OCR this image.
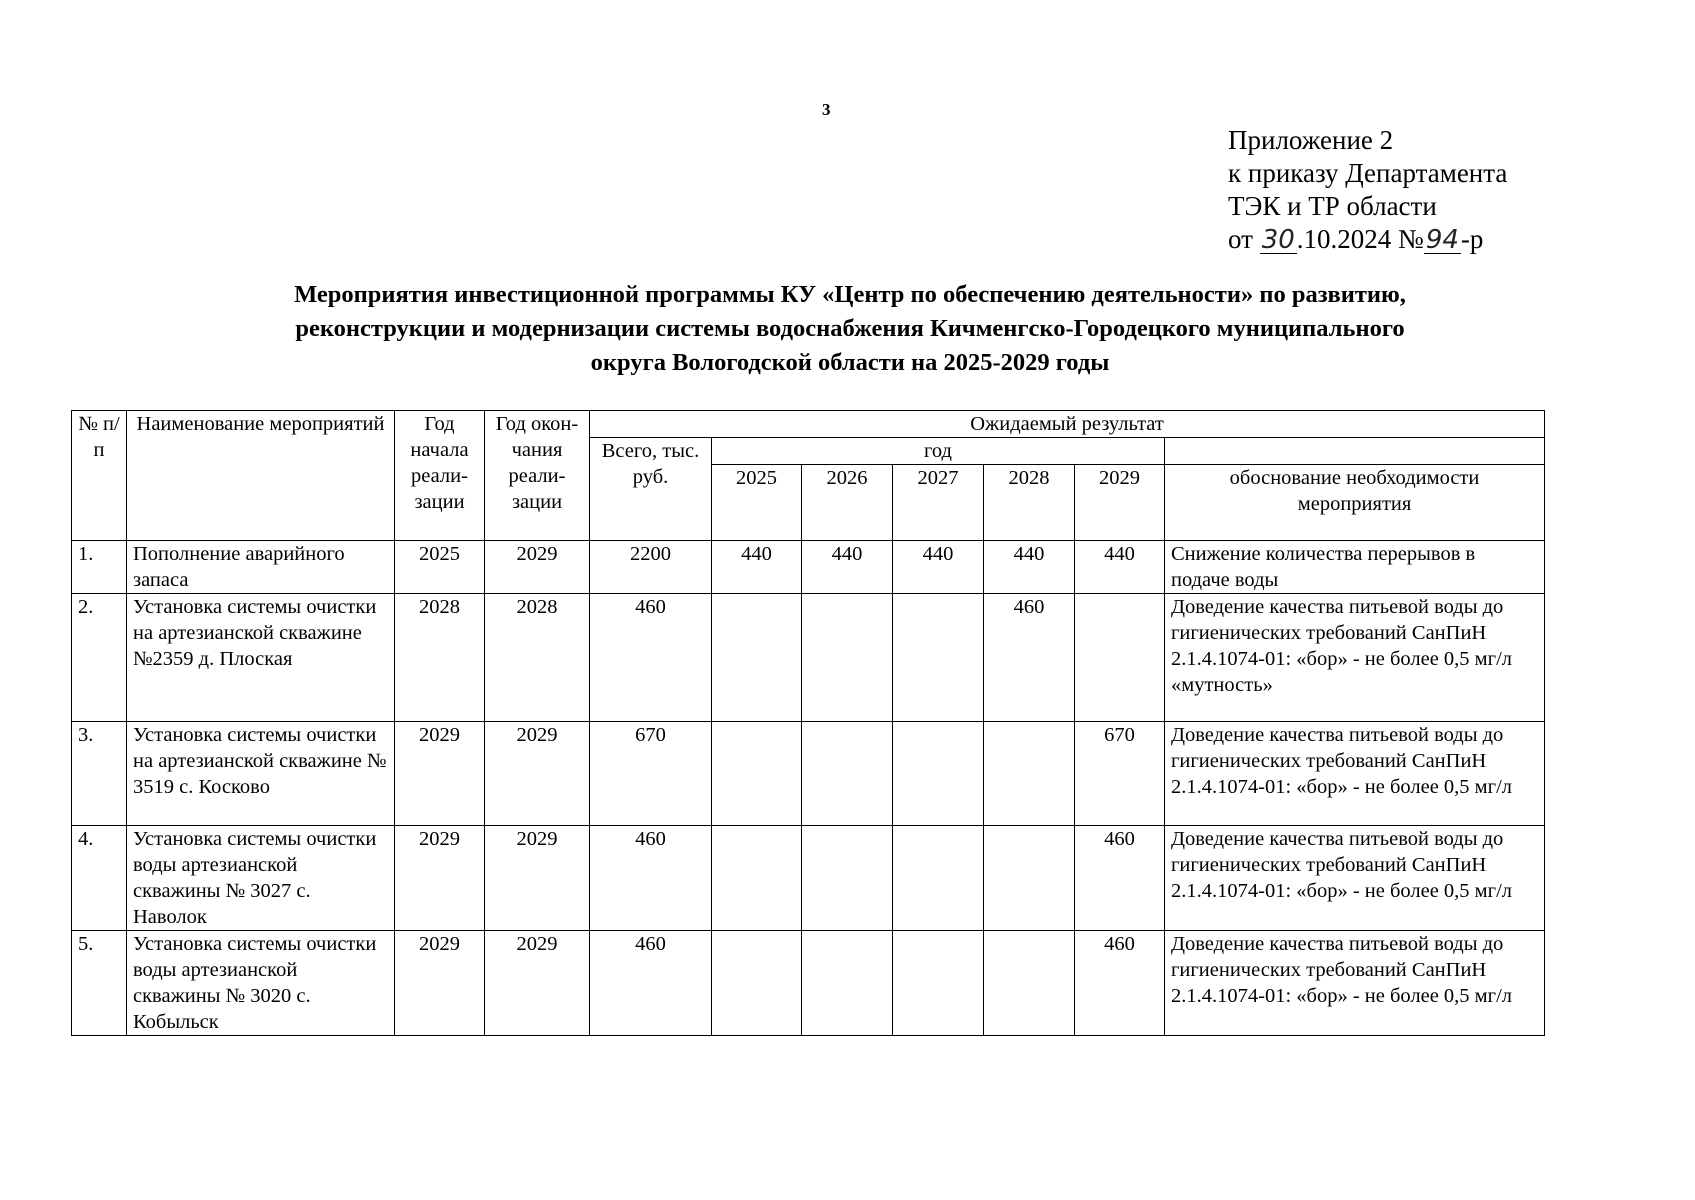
3
Приложение 2
к приказу Департамента
ТЭК и ТР области
от 30.10.2024 №94-р
Мероприятия инвестиционной программы КУ «Центр по обеспечению деятельности» по развитию,
реконструкции и модернизации системы водоснабжения Кичменгско-Городецкого муниципального
округа Вологодской области на 2025-2029 годы
№ п/п	Наименование мероприятий	Год начала реали-зации	Год окон-чания реали-зации	Ожидаемый результат						
				Всего, тыс. руб.	год					
					2025	2026	2027	2028	2029	обоснование необходимости мероприятия
1.	Пополнение аварийного запаса	2025	2029	2200	440	440	440	440	440	Снижение количества перерывов в подаче воды
2.	Установка системы очистки на артезианской скважине №2359 д. Плоская	2028	2028	460				460		Доведение качества питьевой воды до гигиенических требований СанПиН 2.1.4.1074-01: «бор» - не более 0,5 мг/л «мутность»
3.	Установка системы очистки на артезианской скважине № 3519 с. Косково	2029	2029	670					670	Доведение качества питьевой воды до гигиенических требований СанПиН 2.1.4.1074-01: «бор» - не более 0,5 мг/л
4.	Установка системы очистки воды артезианской скважины № 3027 с. Наволок	2029	2029	460					460	Доведение качества питьевой воды до гигиенических требований СанПиН 2.1.4.1074-01: «бор» - не более 0,5 мг/л
5.	Установка системы очистки воды артезианской скважины № 3020 с. Кобыльск	2029	2029	460					460	Доведение качества питьевой воды до гигиенических требований СанПиН 2.1.4.1074-01: «бор» - не более 0,5 мг/л
